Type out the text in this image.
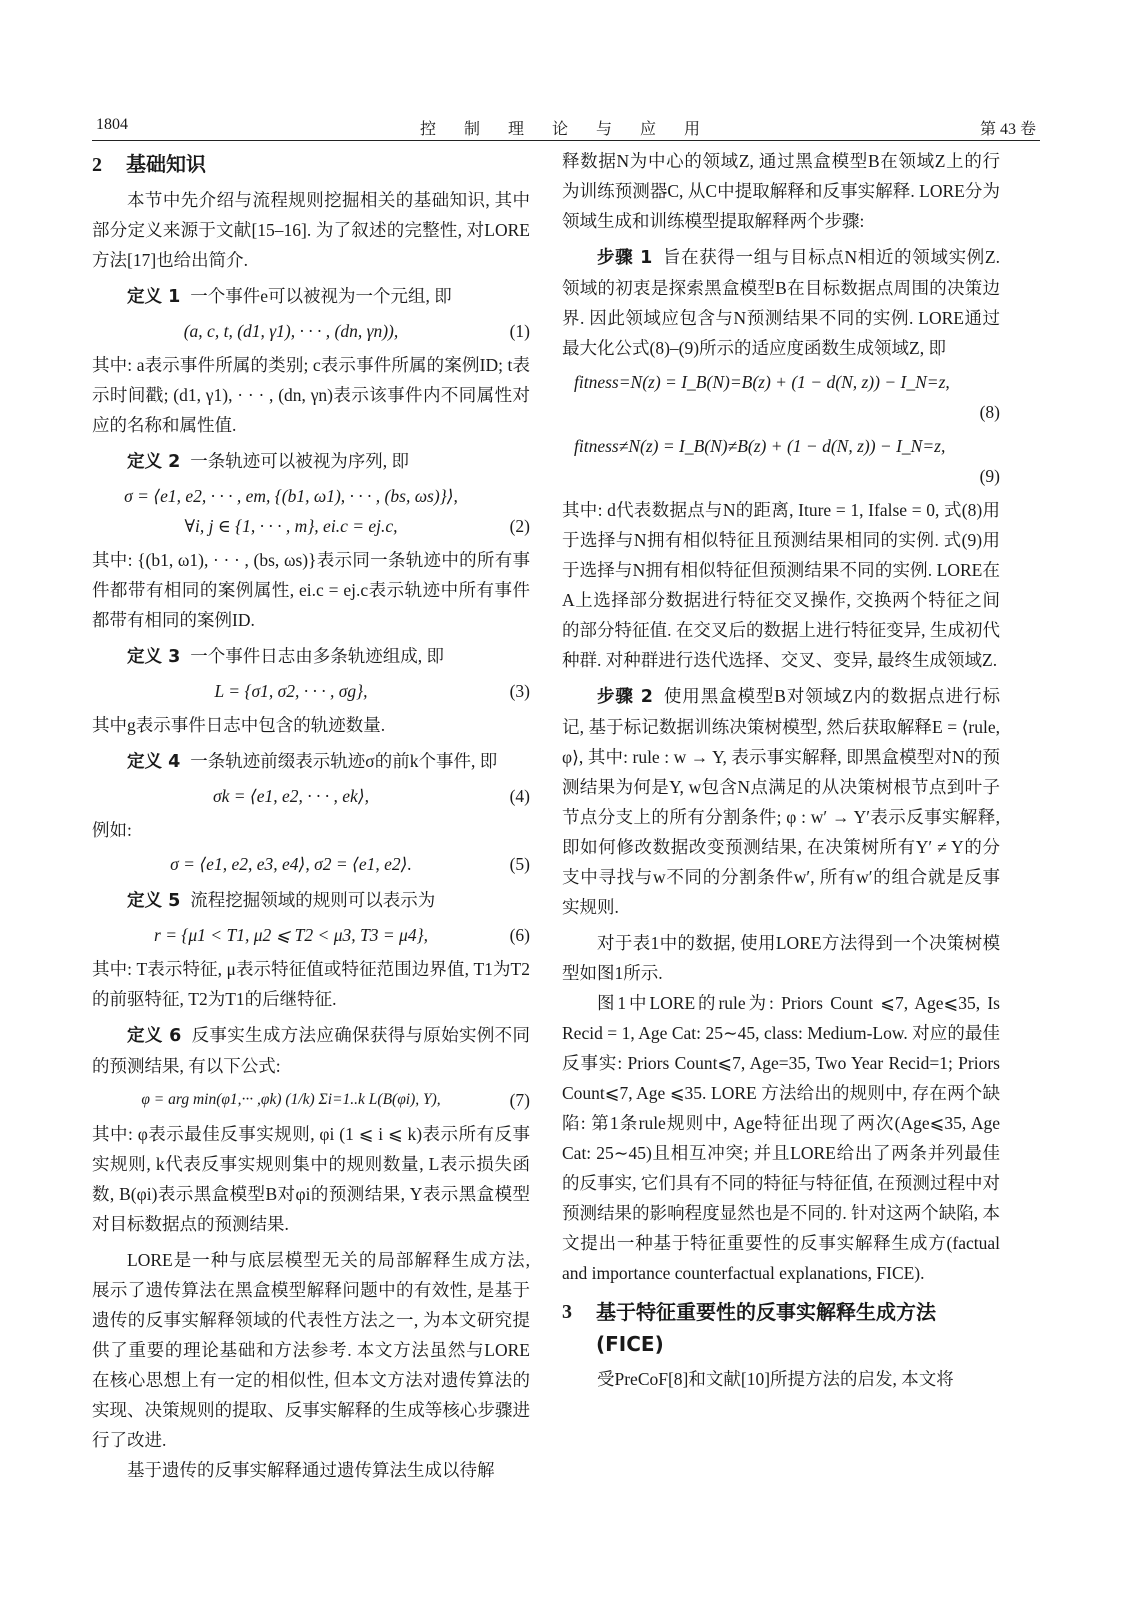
1804	控 制 理 论 与 应 用	第 43 卷
2 基础知识

本节中先介绍与流程规则挖掘相关的基础知识, 其中部分定义来源于文献[15–16]. 为了叙述的完整性, 对LORE方法[17]也给出简介.

定义 1 一个事件e可以被视为一个元组, 即

(a, c, t, (d1, γ1), · · · , (dn, γn)),	(1)

其中: a表示事件所属的类别; c表示事件所属的案例ID; t表示时间戳; (d1, γ1), · · · , (dn, γn)表示该事件内不同属性对应的名称和属性值.

定义 2 一条轨迹可以被视为序列, 即

σ = ⟨e1, e2, · · · , em, {(b1, ω1), · · · , (bs, ωs)}⟩,
∀i, j ∈ {1, · · · , m}, ei.c = ej.c,	(2)

其中: {(b1, ω1), · · · , (bs, ωs)}表示同一条轨迹中的所有事件都带有相同的案例属性, ei.c = ej.c表示轨迹中所有事件都带有相同的案例ID.

定义 3 一个事件日志由多条轨迹组成, 即

L = {σ1, σ2, · · · , σg},	(3)

其中g表示事件日志中包含的轨迹数量.

定义 4 一条轨迹前缀表示轨迹σ的前k个事件, 即

σk = ⟨e1, e2, · · · , ek⟩,	(4)

例如:

σ = ⟨e1, e2, e3, e4⟩, σ2 = ⟨e1, e2⟩.	(5)

定义 5 流程挖掘领域的规则可以表示为

r = {μ1 < T1, μ2 ⩽ T2 < μ3, T3 = μ4},	(6)

其中: T表示特征, μ表示特征值或特征范围边界值, T1为T2的前驱特征, T2为T1的后继特征.

定义 6 反事实生成方法应确保获得与原始实例不同的预测结果, 有以下公式:

φ = arg min(φ1,··· ,φk) (1/k) Σi=1..k L(B(φi), Y),	(7)

其中: φ表示最佳反事实规则, φi (1 ⩽ i ⩽ k)表示所有反事实规则, k代表反事实规则集中的规则数量, L表示损失函数, B(φi)表示黑盒模型B对φi的预测结果, Y表示黑盒模型对目标数据点的预测结果.

LORE是一种与底层模型无关的局部解释生成方法, 展示了遗传算法在黑盒模型解释问题中的有效性, 是基于遗传的反事实解释领域的代表性方法之一, 为本文研究提供了重要的理论基础和方法参考. 本文方法虽然与LORE在核心思想上有一定的相似性, 但本文方法对遗传算法的实现、决策规则的提取、反事实解释的生成等核心步骤进行了改进.

基于遗传的反事实解释通过遗传算法生成以待解

释数据N为中心的领域Z, 通过黑盒模型B在领域Z上的行为训练预测器C, 从C中提取解释和反事实解释. LORE分为领域生成和训练模型提取解释两个步骤:

步骤 1 旨在获得一组与目标点N相近的领域实例Z. 领域的初衷是探索黑盒模型B在目标数据点周围的决策边界. 因此领域应包含与N预测结果不同的实例. LORE通过最大化公式(8)–(9)所示的适应度函数生成领域Z, 即

fitness=N(z) = I_B(N)=B(z) + (1 − d(N, z)) − I_N=z,
(8)
fitness≠N(z) = I_B(N)≠B(z) + (1 − d(N, z)) − I_N=z,
(9)

其中: d代表数据点与N的距离, Iture = 1, Ifalse = 0, 式(8)用于选择与N拥有相似特征且预测结果相同的实例. 式(9)用于选择与N拥有相似特征但预测结果不同的实例. LORE在A上选择部分数据进行特征交叉操作, 交换两个特征之间的部分特征值. 在交叉后的数据上进行特征变异, 生成初代种群. 对种群进行迭代选择、交叉、变异, 最终生成领域Z.

步骤 2 使用黑盒模型B对领域Z内的数据点进行标记, 基于标记数据训练决策树模型, 然后获取解释E = ⟨rule, φ⟩, 其中: rule : w → Y, 表示事实解释, 即黑盒模型对N的预测结果为何是Y, w包含N点满足的从决策树根节点到叶子节点分支上的所有分割条件; φ : w′ → Y′表示反事实解释, 即如何修改数据改变预测结果, 在决策树所有Y′ ≠ Y的分支中寻找与w不同的分割条件w′, 所有w′的组合就是反事实规则.

对于表1中的数据, 使用LORE方法得到一个决策树模型如图1所示.

图1中LORE的rule为: Priors Count ⩽7, Age⩽35, Is Recid = 1, Age Cat: 25∼45, class: Medium-Low. 对应的最佳反事实: Priors Count⩽7, Age=35, Two Year Recid=1; Priors Count⩽7, Age ⩽35. LORE 方法给出的规则中, 存在两个缺陷: 第1条rule规则中, Age特征出现了两次(Age⩽35, Age Cat: 25∼45)且相互冲突; 并且LORE给出了两条并列最佳的反事实, 它们具有不同的特征与特征值, 在预测过程中对预测结果的影响程度显然也是不同的. 针对这两个缺陷, 本文提出一种基于特征重要性的反事实解释生成方(factual and importance counterfactual explanations, FICE).

3	基于特征重要性的反事实解释生成方法(FICE)

受PreCoF[8]和文献[10]所提方法的启发, 本文将
